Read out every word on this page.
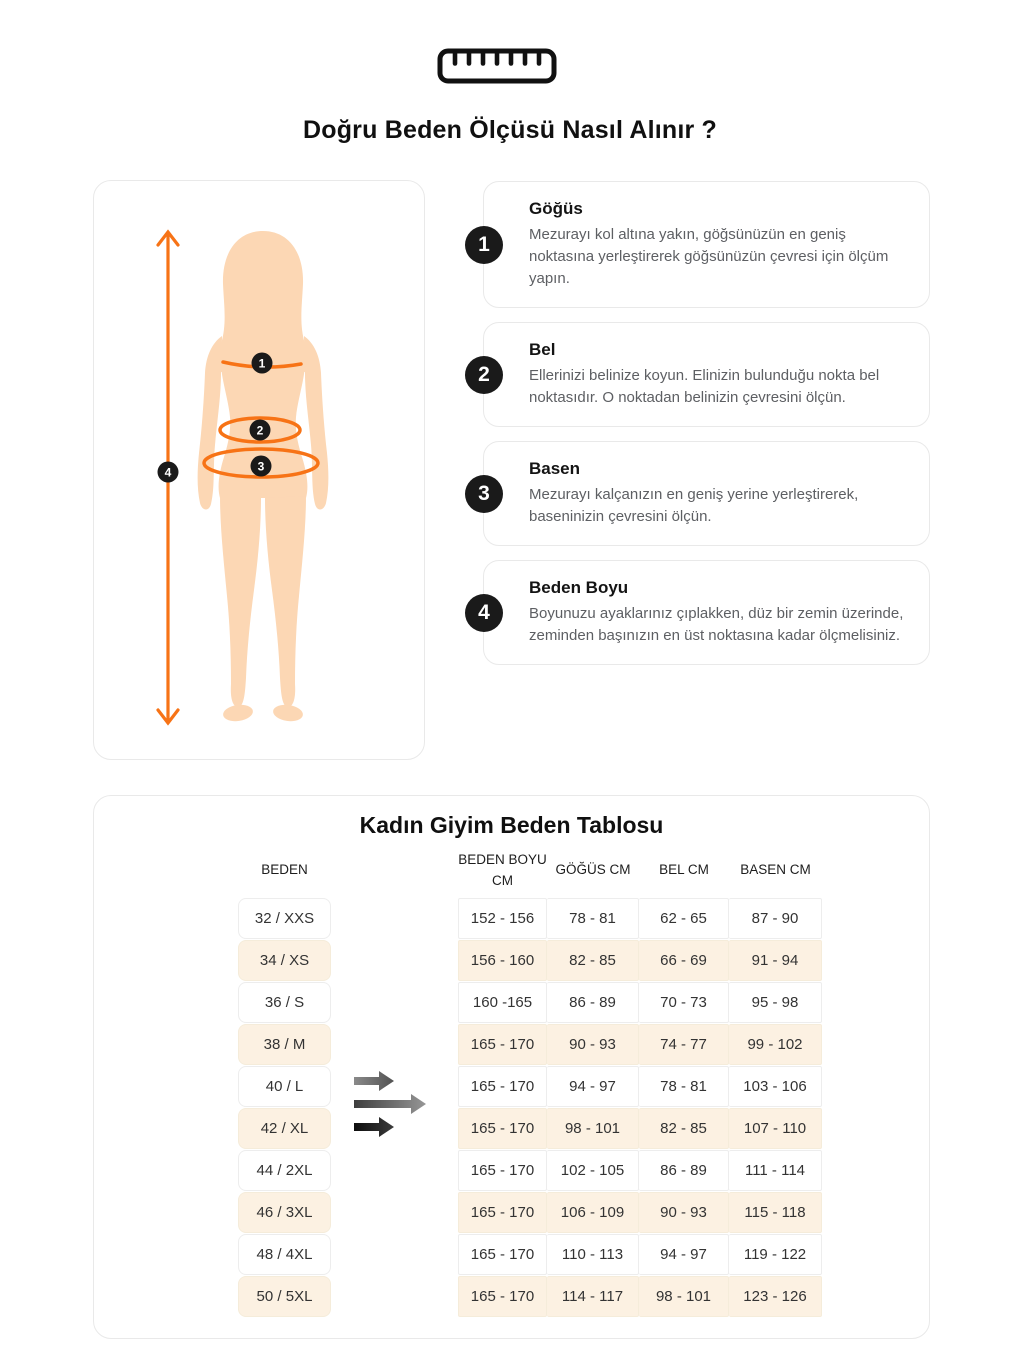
Doğru Beden Ölçüsü Nasıl Alınır ?
1
2
3
4
1
Göğüs

Mezurayı kol altına yakın, göğsünüzün en geniş noktasına yerleştirerek göğsünüzün çevresi için ölçüm yapın.

2
Bel

Ellerinizi belinize koyun. Elinizin bulunduğu nokta bel noktasıdır. O noktadan belinizin çevresini ölçün.

3
Basen

Mezurayı kalçanızın en geniş yerine yerleştirerek, baseninizin çevresini ölçün.

4
Beden Boyu

Boyunuzu ayaklarınız çıplakken, düz bir zemin üzerinde, zeminden başınızın en üst noktasına kadar ölçmelisiniz.

Kadın Giyim Beden Tablosu
BEDEN
BEDEN BOYU CM
GÖĞÜS CM	BEL CM	BASEN CM
32 / XXS	152 - 156	78 - 81	62 - 65	87 - 90
34 / XS	156 - 160	82 - 85	66 - 69	91 - 94
36 / S	160 -165	86 - 89	70 - 73	95 - 98
38 / M	165 - 170	90 - 93	74 - 77	99 - 102
40 / L	165 - 170	94 - 97	78 - 81	103 - 106
42 / XL	165 - 170	98 - 101	82 - 85	107 - 110
44 / 2XL	165 - 170	102 - 105	86 - 89	111 - 114
46 / 3XL	165 - 170	106 - 109	90 - 93	115 - 118
48 / 4XL	165 - 170	110 - 113	94 - 97	119 - 122
50 / 5XL	165 - 170	114 - 117	98 - 101	123 - 126
